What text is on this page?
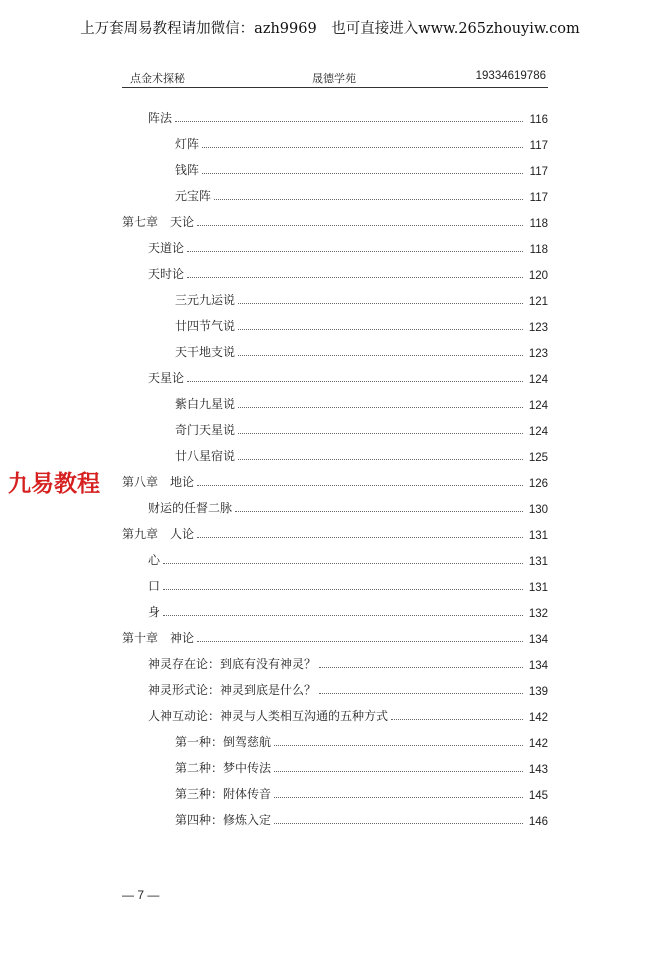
上万套周易教程请加微信：azh9969　也可直接进入www.265zhouyiw.com
点金术探秘	晟德学苑	19334619786
阵法	116
灯阵	117
钱阵	117
元宝阵	117
第七章　天论	118
天道论	118
天时论	120
三元九运说	121
廿四节气说	123
天干地支说	123
天星论	124
紫白九星说	124
奇门天星说	124
廿八星宿说	125
第八章　地论	126
财运的任督二脉	130
第九章　人论	131
心	131
口	131
身	132
第十章　神论	134
神灵存在论：到底有没有神灵？	134
神灵形式论：神灵到底是什么？	139
人神互动论：神灵与人类相互沟通的五种方式	142
第一种：倒驾慈航	142
第二种：梦中传法	143
第三种：附体传音	145
第四种：修炼入定	146
九易教程
— 7 —
